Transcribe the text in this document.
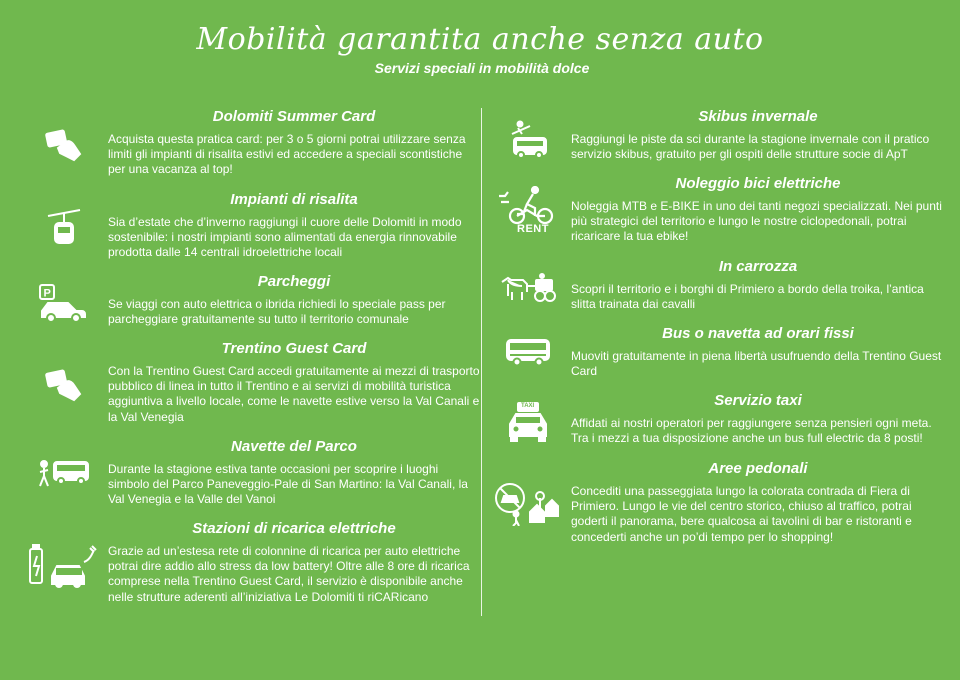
Mobilità garantita anche senza auto
Servizi speciali in mobilità dolce
Dolomiti Summer Card

Acquista questa pratica card: per 3 o 5 giorni potrai utilizzare senza limiti gli impianti di risalita estivi ed accedere a speciali scontistiche per una vacanza al top!

Impianti di risalita

Sia d’estate che d’inverno raggiungi il cuore delle Dolomiti in modo sostenibile: i nostri impianti sono alimentati da energia rinnovabile prodotta dalle 14 centrali idroelettriche locali

Parcheggi

Se viaggi con auto elettrica o ibrida richiedi lo speciale pass per parcheggiare gratuitamente su tutto il territorio comunale

Trentino Guest Card

Con la Trentino Guest Card accedi gratuitamente ai mezzi di trasporto pubblico di linea in tutto il Trentino e ai servizi di mobilità turistica aggiuntiva a livello locale, come le navette estive verso la Val Canali e la Val Venegia

Navette del Parco

Durante la stagione estiva tante occasioni per scoprire i luoghi simbolo del Parco Paneveggio-Pale di San Martino: la Val Canali, la Val Venegia e la Valle del Vanoi

Stazioni di ricarica elettriche

Grazie ad un’estesa rete di colonnine di ricarica per auto elettriche potrai dire addio allo stress da low battery! Oltre alle 8 ore di ricarica comprese nella Trentino Guest Card, il servizio è disponibile anche nelle strutture aderenti all’iniziativa Le Dolomiti ti riCARicano

Skibus invernale

Raggiungi le piste da sci durante la stagione invernale con il pratico servizio skibus, gratuito per gli ospiti delle strutture socie di ApT

Noleggio bici elettriche

Noleggia MTB e E-BIKE in uno dei tanti negozi specializzati. Nei punti più strategici del territorio e lungo le nostre ciclopedonali, potrai ricaricare la tua ebike!

In carrozza

Scopri il territorio e i borghi di Primiero a bordo della troika, l’antica slitta trainata dai cavalli

Bus o navetta ad orari fissi

Muoviti gratuitamente in piena libertà usufruendo della Trentino Guest Card

Servizio taxi

Affidati ai nostri operatori per raggiungere senza pensieri ogni meta. Tra i mezzi a tua disposizione anche un bus full electric da 8 posti!

Aree pedonali

Concediti una passeggiata lungo la colorata contrada di Fiera di Primiero. Lungo le vie del centro storico, chiuso al traffico, potrai goderti il panorama, bere qualcosa ai tavolini di bar e ristoranti e concederti anche un po’di tempo per lo shopping!

P
RENT
TAXI
